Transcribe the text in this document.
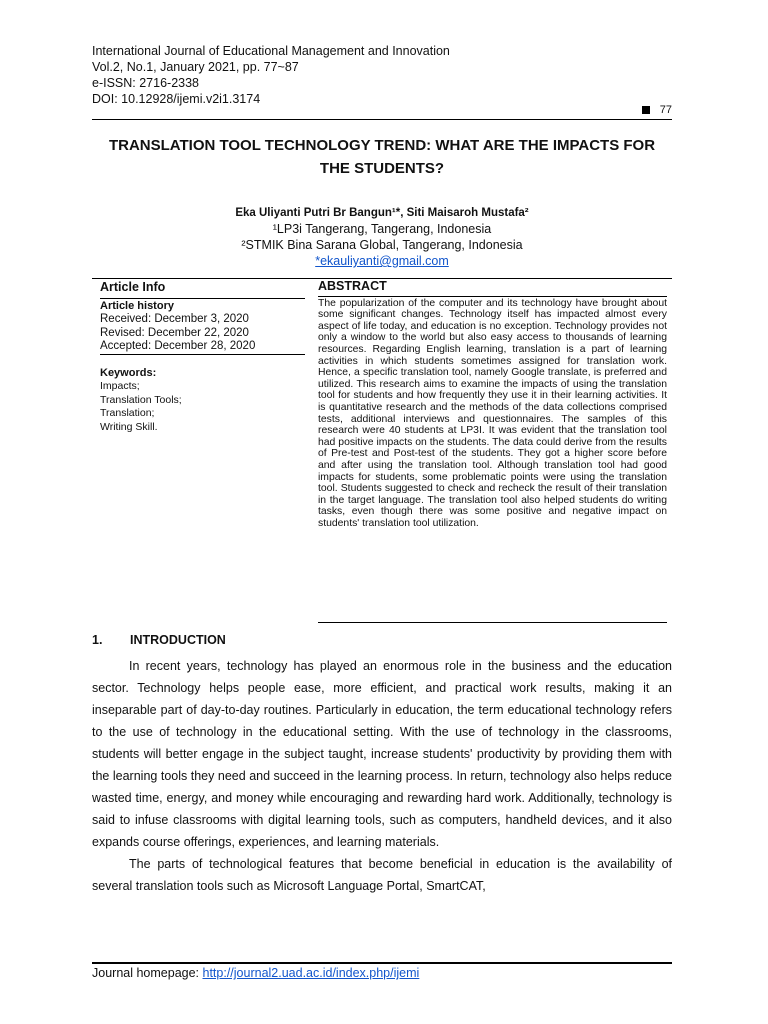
International Journal of Educational Management and Innovation
Vol.2, No.1, January 2021, pp. 77~87
e-ISSN: 2716-2338
DOI: 10.12928/ijemi.v2i1.3174
77
TRANSLATION TOOL TECHNOLOGY TREND: WHAT ARE THE IMPACTS FOR
THE STUDENTS?
Eka Uliyanti Putri Br Bangun¹*, Siti Maisaroh Mustafa²
¹LP3i Tangerang, Tangerang, Indonesia
²STMIK Bina Sarana Global, Tangerang, Indonesia
*ekauliyanti@gmail.com
Article Info
Article history
Received: December 3, 2020
Revised: December 22, 2020
Accepted: December 28, 2020
Keywords:
Impacts;
Translation Tools;
Translation;
Writing Skill.
ABSTRACT
The popularization of the computer and its technology have brought about some significant changes. Technology itself has impacted almost every aspect of life today, and education is no exception. Technology provides not only a window to the world but also easy access to thousands of learning resources. Regarding English learning, translation is a part of learning activities in which students sometimes assigned for translation work. Hence, a specific translation tool, namely Google translate, is preferred and utilized. This research aims to examine the impacts of using the translation tool for students and how frequently they use it in their learning activities. It is quantitative research and the methods of the data collections comprised tests, additional interviews and questionnaires. The samples of this research were 40 students at LP3I. It was evident that the translation tool had positive impacts on the students. The data could derive from the results of Pre-test and Post-test of the students. They got a higher score before and after using the translation tool. Although translation tool had good impacts for students, some problematic points were using the translation tool. Students suggested to check and recheck the result of their translation in the target language. The translation tool also helped students do writing tasks, even though there was some positive and negative impact on students' translation tool utilization.
1.	INTRODUCTION

In recent years, technology has played an enormous role in the business and the education sector. Technology helps people ease, more efficient, and practical work results, making it an inseparable part of day-to-day routines. Particularly in education, the term educational technology refers to the use of technology in the educational setting. With the use of technology in the classrooms, students will better engage in the subject taught, increase students' productivity by providing them with the learning tools they need and succeed in the learning process. In return, technology also helps reduce wasted time, energy, and money while encouraging and rewarding hard work. Additionally, technology is said to infuse classrooms with digital learning tools, such as computers, handheld devices, and it also expands course offerings, experiences, and learning materials.

The parts of technological features that become beneficial in education is the availability of several translation tools such as Microsoft Language Portal, SmartCAT,

Journal homepage: http://journal2.uad.ac.id/index.php/ijemi
